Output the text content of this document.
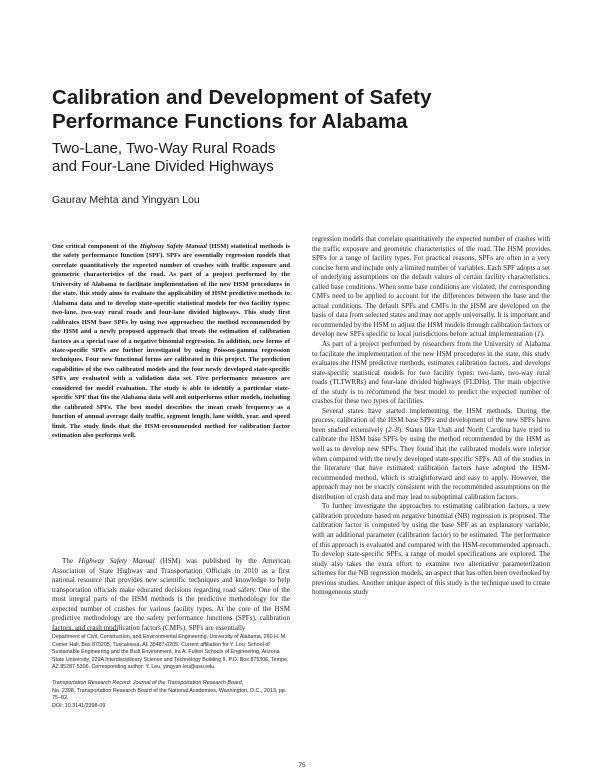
Calibration and Development of Safety Performance Functions for Alabama
Two-Lane, Two-Way Rural Roads
and Four-Lane Divided Highways
Gaurav Mehta and Yingyan Lou
One critical component of the Highway Safety Manual (HSM) statistical methods is the safety performance function (SPF). SPFs are essentially regression models that correlate quantitatively the expected number of crashes with traffic exposure and geometric characteristics of the road. As part of a project performed by the University of Alabama to facilitate implementation of the new HSM procedures in the state, this study aims to evaluate the applicability of HSM predictive methods to Alabama data and to develop state-specific statistical models for two facility types: two-lane, two-way rural roads and four-lane divided highways. This study first calibrates HSM base SPFs by using two approaches: the method recommended by the HSM and a newly proposed approach that treats the estimation of calibration factors as a special case of a negative binomial regression. In addition, new forms of state-specific SPFs are further investigated by using Poisson-gamma regression techniques. Four new functional forms are calibrated in this project. The prediction capabilities of the two calibrated models and the four newly developed state-specific SPFs are evaluated with a validation data set. Five performance measures are considered for model evaluation. The study is able to identify a particular state-specific SPF that fits the Alabama data well and outperforms other models, including the calibrated SPFs. The best model describes the mean crash frequency as a function of annual average daily traffic, segment length, lane width, year, and speed limit. The study finds that the HSM-recommended method for calibration factor estimation also performs well.

The Highway Safety Manual (HSM) was published by the American Association of State Highway and Transportation Officials in 2010 as a first national resource that provides new scientific techniques and knowledge to help transportation officials make educated decisions regarding road safety. One of the most integral parts of the HSM methods is the predictive methodology for the expected number of crashes for various facility types. At the core of the HSM predictive methodology are the safety performance functions (SPFs), calibration factors, and crash modification factors (CMFs). SPFs are essentially

Department of Civil, Construction, and Environmental Engineering, University of Alabama, 260 H. M. Comer Hall, Box 870205, Tuscaloosa, AL 35487-0205. Current affiliation for Y. Lou: School of Sustainable Engineering and the Built Environment, Ira A. Fulton Schools of Engineering, Arizona State University, 229A Interdisciplinary Science and Technology Building II, P.O. Box 875306, Tempe, AZ 85287-5306. Corresponding author: Y. Lou, yingyan.lou@asu.edu.
Transportation Research Record: Journal of the Transportation Research Board,
No. 2398, Transportation Research Board of the National Academies, Washington, D.C., 2013, pp. 75–82.
DOI: 10.3141/2398-09

regression models that correlate quantitatively the expected number of crashes with the traffic exposure and geometric characteristics of the road. The HSM provides SPFs for a range of facility types. For practical reasons, SPFs are often in a very concise form and include only a limited number of variables. Each SPF adopts a set of underlying assumptions on the default values of certain facility characteristics, called base conditions. When some base conditions are violated, the corresponding CMFs need to be applied to account for the differences between the base and the actual conditions. The default SPFs and CMFs in the HSM are developed on the basis of data from selected states and may not apply universally. It is important and recommended by the HSM to adjust the HSM models through calibration factors or develop new SPFs specific to local jurisdictions before actual implementation (1).

As part of a project performed by researchers from the University of Alabama to facilitate the implementation of the new HSM procedures in the state, this study evaluates the HSM predictive methods, estimates calibration factors, and develops state-specific statistical models for two facility types: two-lane, two-way rural roads (TLTWRRs) and four-lane divided highways (FLDHs). The main objective of the study is to recommend the best model to predict the expected number of crashes for these two types of facilities.

Several states have started implementing the HSM methods. During the process, calibration of the HSM base SPFs and development of the new SPFs have been studied extensively (2–8). States like Utah and North Carolina have tried to calibrate the HSM base SPFs by using the method recommended by the HSM as well as to develop new SPFs. They found that the calibrated models were inferior when compared with the newly developed state-specific SPFs. All of the studies in the literature that have estimated calibration factors have adopted the HSM-recommended method, which is straightforward and easy to apply. However, the approach may not be exactly consistent with the recommended assumptions on the distribution of crash data and may lead to suboptimal calibration factors.

To further investigate the approaches to estimating calibration factors, a new calibration procedure based on negative binomial (NB) regression is proposed. The calibration factor is computed by using the base SPF as an explanatory variable, with an additional parameter (calibration factor) to be estimated. The performance of this approach is evaluated and compared with the HSM-recommended approach. To develop state-specific SPFs, a range of model specifications are explored. The study also takes the extra effort to examine two alternative parameterization schemes for the NB regression models, an aspect that has often been overlooked by previous studies. Another unique aspect of this study is the technique used to create homogeneous study

75
